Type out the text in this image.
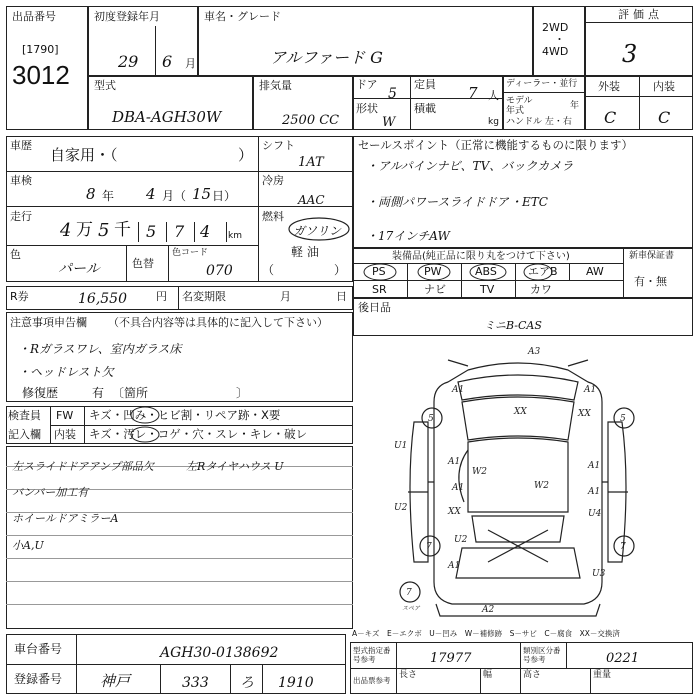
出品番号
[1790]
3012
初度登録年月
29 6 月
車名・グレード
アルファード G
2WD
・
4WD
評価点
3
型式
DBA-AGH30W
排気量
2500 CC
ドア
5
定員 7 人
形状
W
積載
kg
ディーラー・並行
モデル年式	年
ハンドル 左・右
外装	内装
C	C
車歴
自家用・（	）
シフト
1AT
車検
8 年 4 月（ 15 日）
冷房
AAC
走行
4 万 5 千 5 7 4 km
燃料
ガソリン
軽 油
（	）
色
パール	色替
色コード
070
R券	16,550	円 名変期限	月	日
注意事項申告欄 （不具合内容等は具体的に記入して下さい）
・Rガラスワレ、室内ガラス床
・ヘッドレスト欠
修復歴	有 〔箇所	〕
検査員
記入欄
FW キズ・凹み・ヒビ割・リペア跡・X要
内装 キズ・汚レ・コゲ・穴・スレ・キレ・破レ
左スライドドアアンプ部品欠	左Rタイヤハウス U
バンパー加工有
ホイールドアミラーA
小A,U
セールスポイント（正常に機能するものに限ります）
・アルパインナビ、TV、バックカメラ
・両側パワースライドドア ・ETC
・17インチAW
装備品(純正品に限り丸をつけて下さい)
PS	PW	ABS	エアB	AW
SR	ナビ	TV	カワ
新車保証書
有・無
後日品
ミニB-CAS
A3
A1
XX
A1
XX
5	5
U1
A1
W2
W2
U2
A1
XX
A1
U4
A1
U2
7	7
A1
U3
A2
7
スペア
車台番号	AGH30-0138692
登録番号	神戸	333 ろ 1910
A－キズ　E－エクボ　U－凹み　W－補修跡　S－サビ　C－腐食　XX－交換済
型式指定番号参考	17977
類別区分番号参考	0221
出品票参考
長さ	幅	高さ	重量
